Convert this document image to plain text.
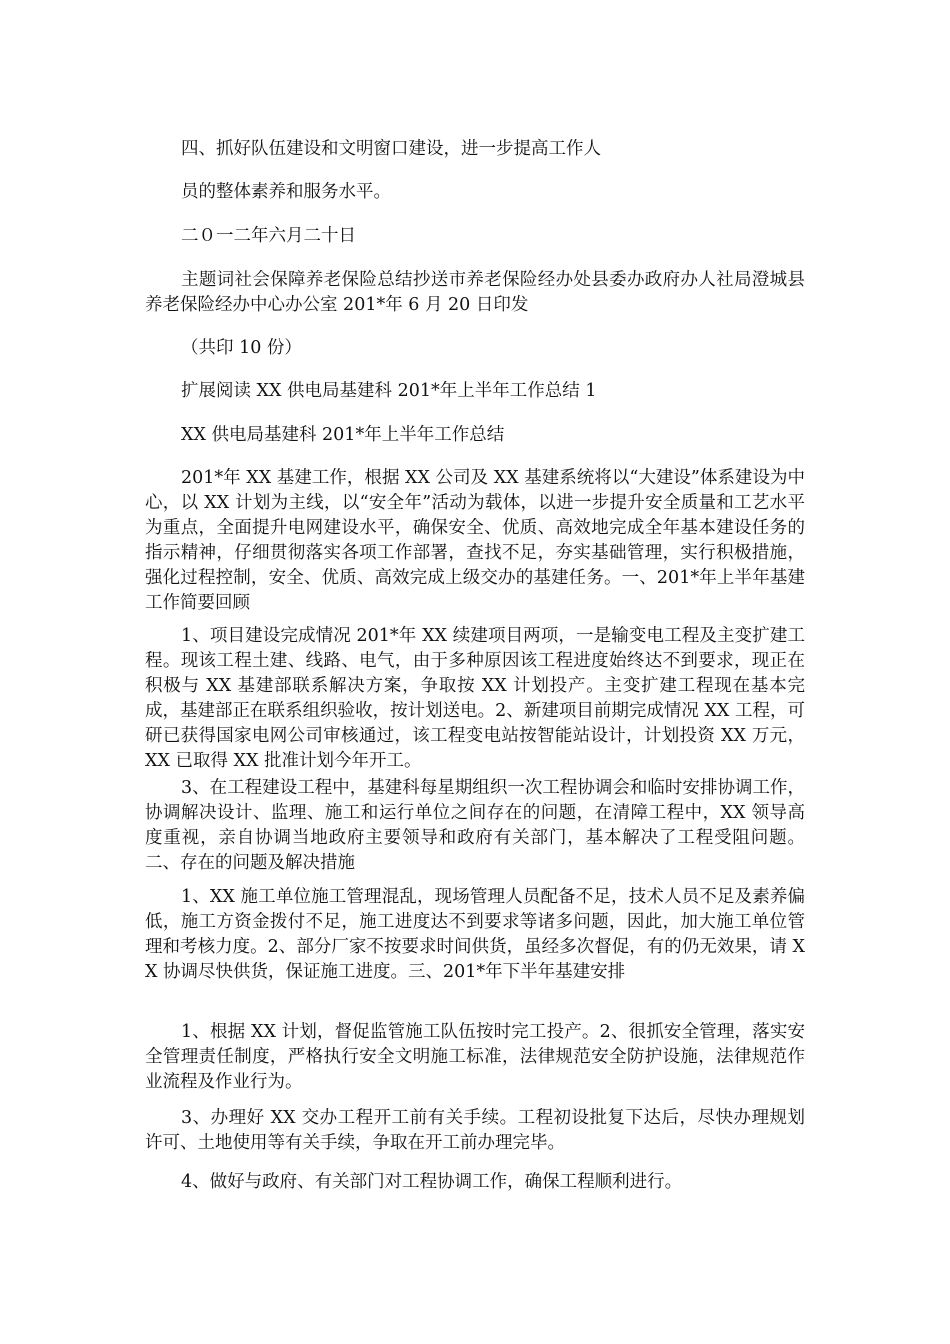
四、抓好队伍建设和文明窗口建设，进一步提高工作人

员的整体素养和服务水平。

二０一二年六月二十日

主题词社会保障养老保险总结抄送市养老保险经办处县委办政府办人社局澄城县养老保险经办中心办公室 201*年 6 月 20 日印发

（共印 10 份）

扩展阅读 XX 供电局基建科 201*年上半年工作总结 1

XX 供电局基建科 201*年上半年工作总结

201*年 XX 基建工作，根据 XX 公司及 XX 基建系统将以“大建设”体系建设为中心，以 XX 计划为主线，以“安全年”活动为载体，以进一步提升安全质量和工艺水平为重点，全面提升电网建设水平，确保安全、优质、高效地完成全年基本建设任务的指示精神，仔细贯彻落实各项工作部署，查找不足，夯实基础管理，实行积极措施，强化过程控制，安全、优质、高效完成上级交办的基建任务。一、201*年上半年基建工作简要回顾

1、项目建设完成情况 201*年 XX 续建项目两项，一是输变电工程及主变扩建工程。现该工程土建、线路、电气，由于多种原因该工程进度始终达不到要求，现正在积极与 XX 基建部联系解决方案，争取按 XX 计划投产。主变扩建工程现在基本完成，基建部正在联系组织验收，按计划送电。2、新建项目前期完成情况 XX 工程，可研已获得国家电网公司审核通过，该工程变电站按智能站设计，计划投资 XX 万元，XX 已取得 XX 批准计划今年开工。

3、在工程建设工程中，基建科每星期组织一次工程协调会和临时安排协调工作，协调解决设计、监理、施工和运行单位之间存在的问题，在清障工程中，XX 领导高度重视，亲自协调当地政府主要领导和政府有关部门，基本解决了工程受阻问题。二、存在的问题及解决措施

1、XX 施工单位施工管理混乱，现场管理人员配备不足，技术人员不足及素养偏低，施工方资金拨付不足，施工进度达不到要求等诸多问题，因此，加大施工单位管理和考核力度。2、部分厂家不按要求时间供货，虽经多次督促，有的仍无效果，请 XX 协调尽快供货，保证施工进度。三、201*年下半年基建安排

1、根据 XX 计划，督促监管施工队伍按时完工投产。2、很抓安全管理，落实安全管理责任制度，严格执行安全文明施工标准，法律规范安全防护设施，法律规范作业流程及作业行为。

3、办理好 XX 交办工程开工前有关手续。工程初设批复下达后，尽快办理规划许可、土地使用等有关手续，争取在开工前办理完毕。

4、做好与政府、有关部门对工程协调工作，确保工程顺利进行。
